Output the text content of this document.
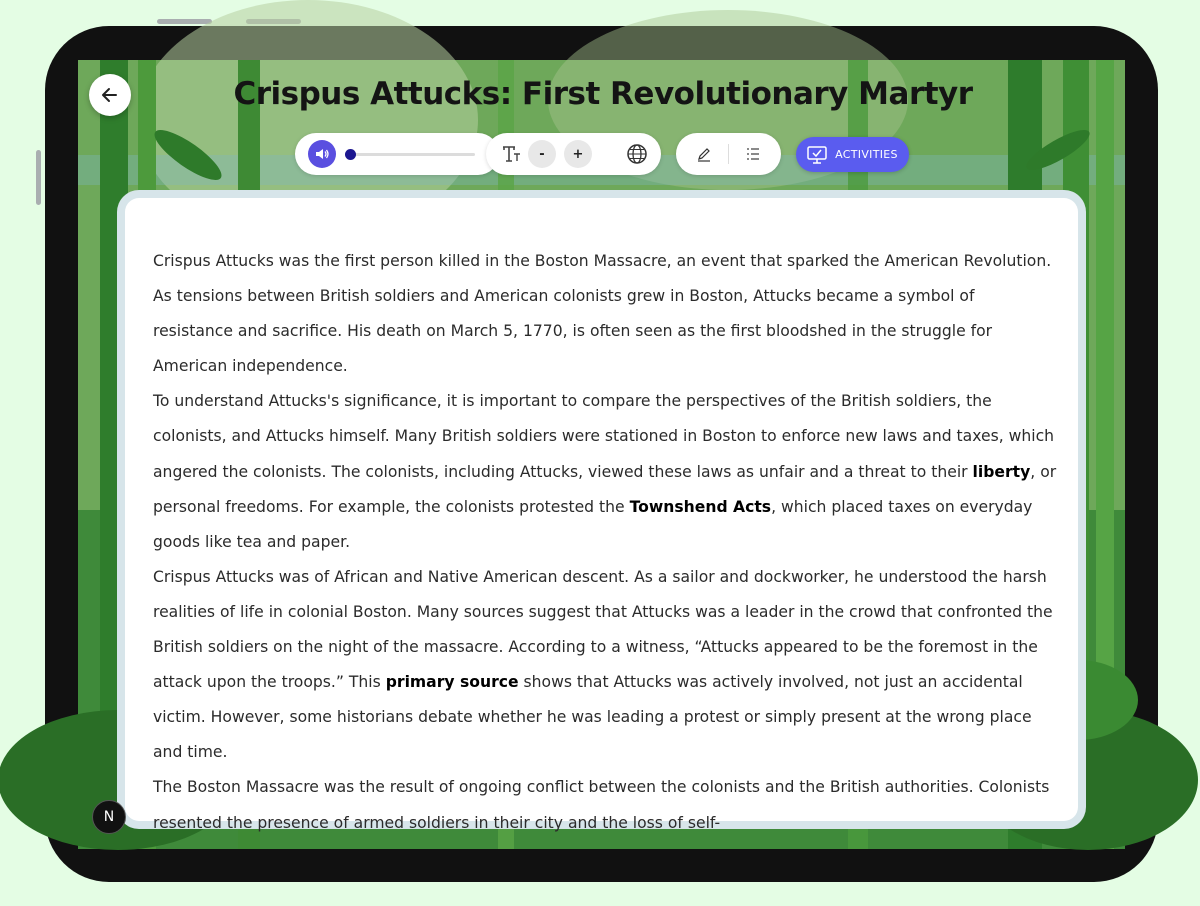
Crispus Attucks: First Revolutionary Martyr
-	+	ACTIVITIES

Crispus Attucks was the first person killed in the Boston Massacre, an event that sparked the American Revolution. As tensions between British soldiers and American colonists grew in Boston, Attucks became a symbol of resistance and sacrifice. His death on March 5, 1770, is often seen as the first bloodshed in the struggle for American independence.

To understand Attucks's significance, it is important to compare the perspectives of the British soldiers, the colonists, and Attucks himself. Many British soldiers were stationed in Boston to enforce new laws and taxes, which angered the colonists. The colonists, including Attucks, viewed these laws as unfair and a threat to their liberty, or personal freedoms. For example, the colonists protested the Townshend Acts, which placed taxes on everyday goods like tea and paper.

Crispus Attucks was of African and Native American descent. As a sailor and dockworker, he understood the harsh realities of life in colonial Boston. Many sources suggest that Attucks was a leader in the crowd that confronted the British soldiers on the night of the massacre. According to a witness, “Attucks appeared to be the foremost in the attack upon the troops.” This primary source shows that Attucks was actively involved, not just an accidental victim. However, some historians debate whether he was leading a protest or simply present at the wrong place and time.

The Boston Massacre was the result of ongoing conflict between the colonists and the British authorities. Colonists resented the presence of armed soldiers in their city and the loss of self-

N
